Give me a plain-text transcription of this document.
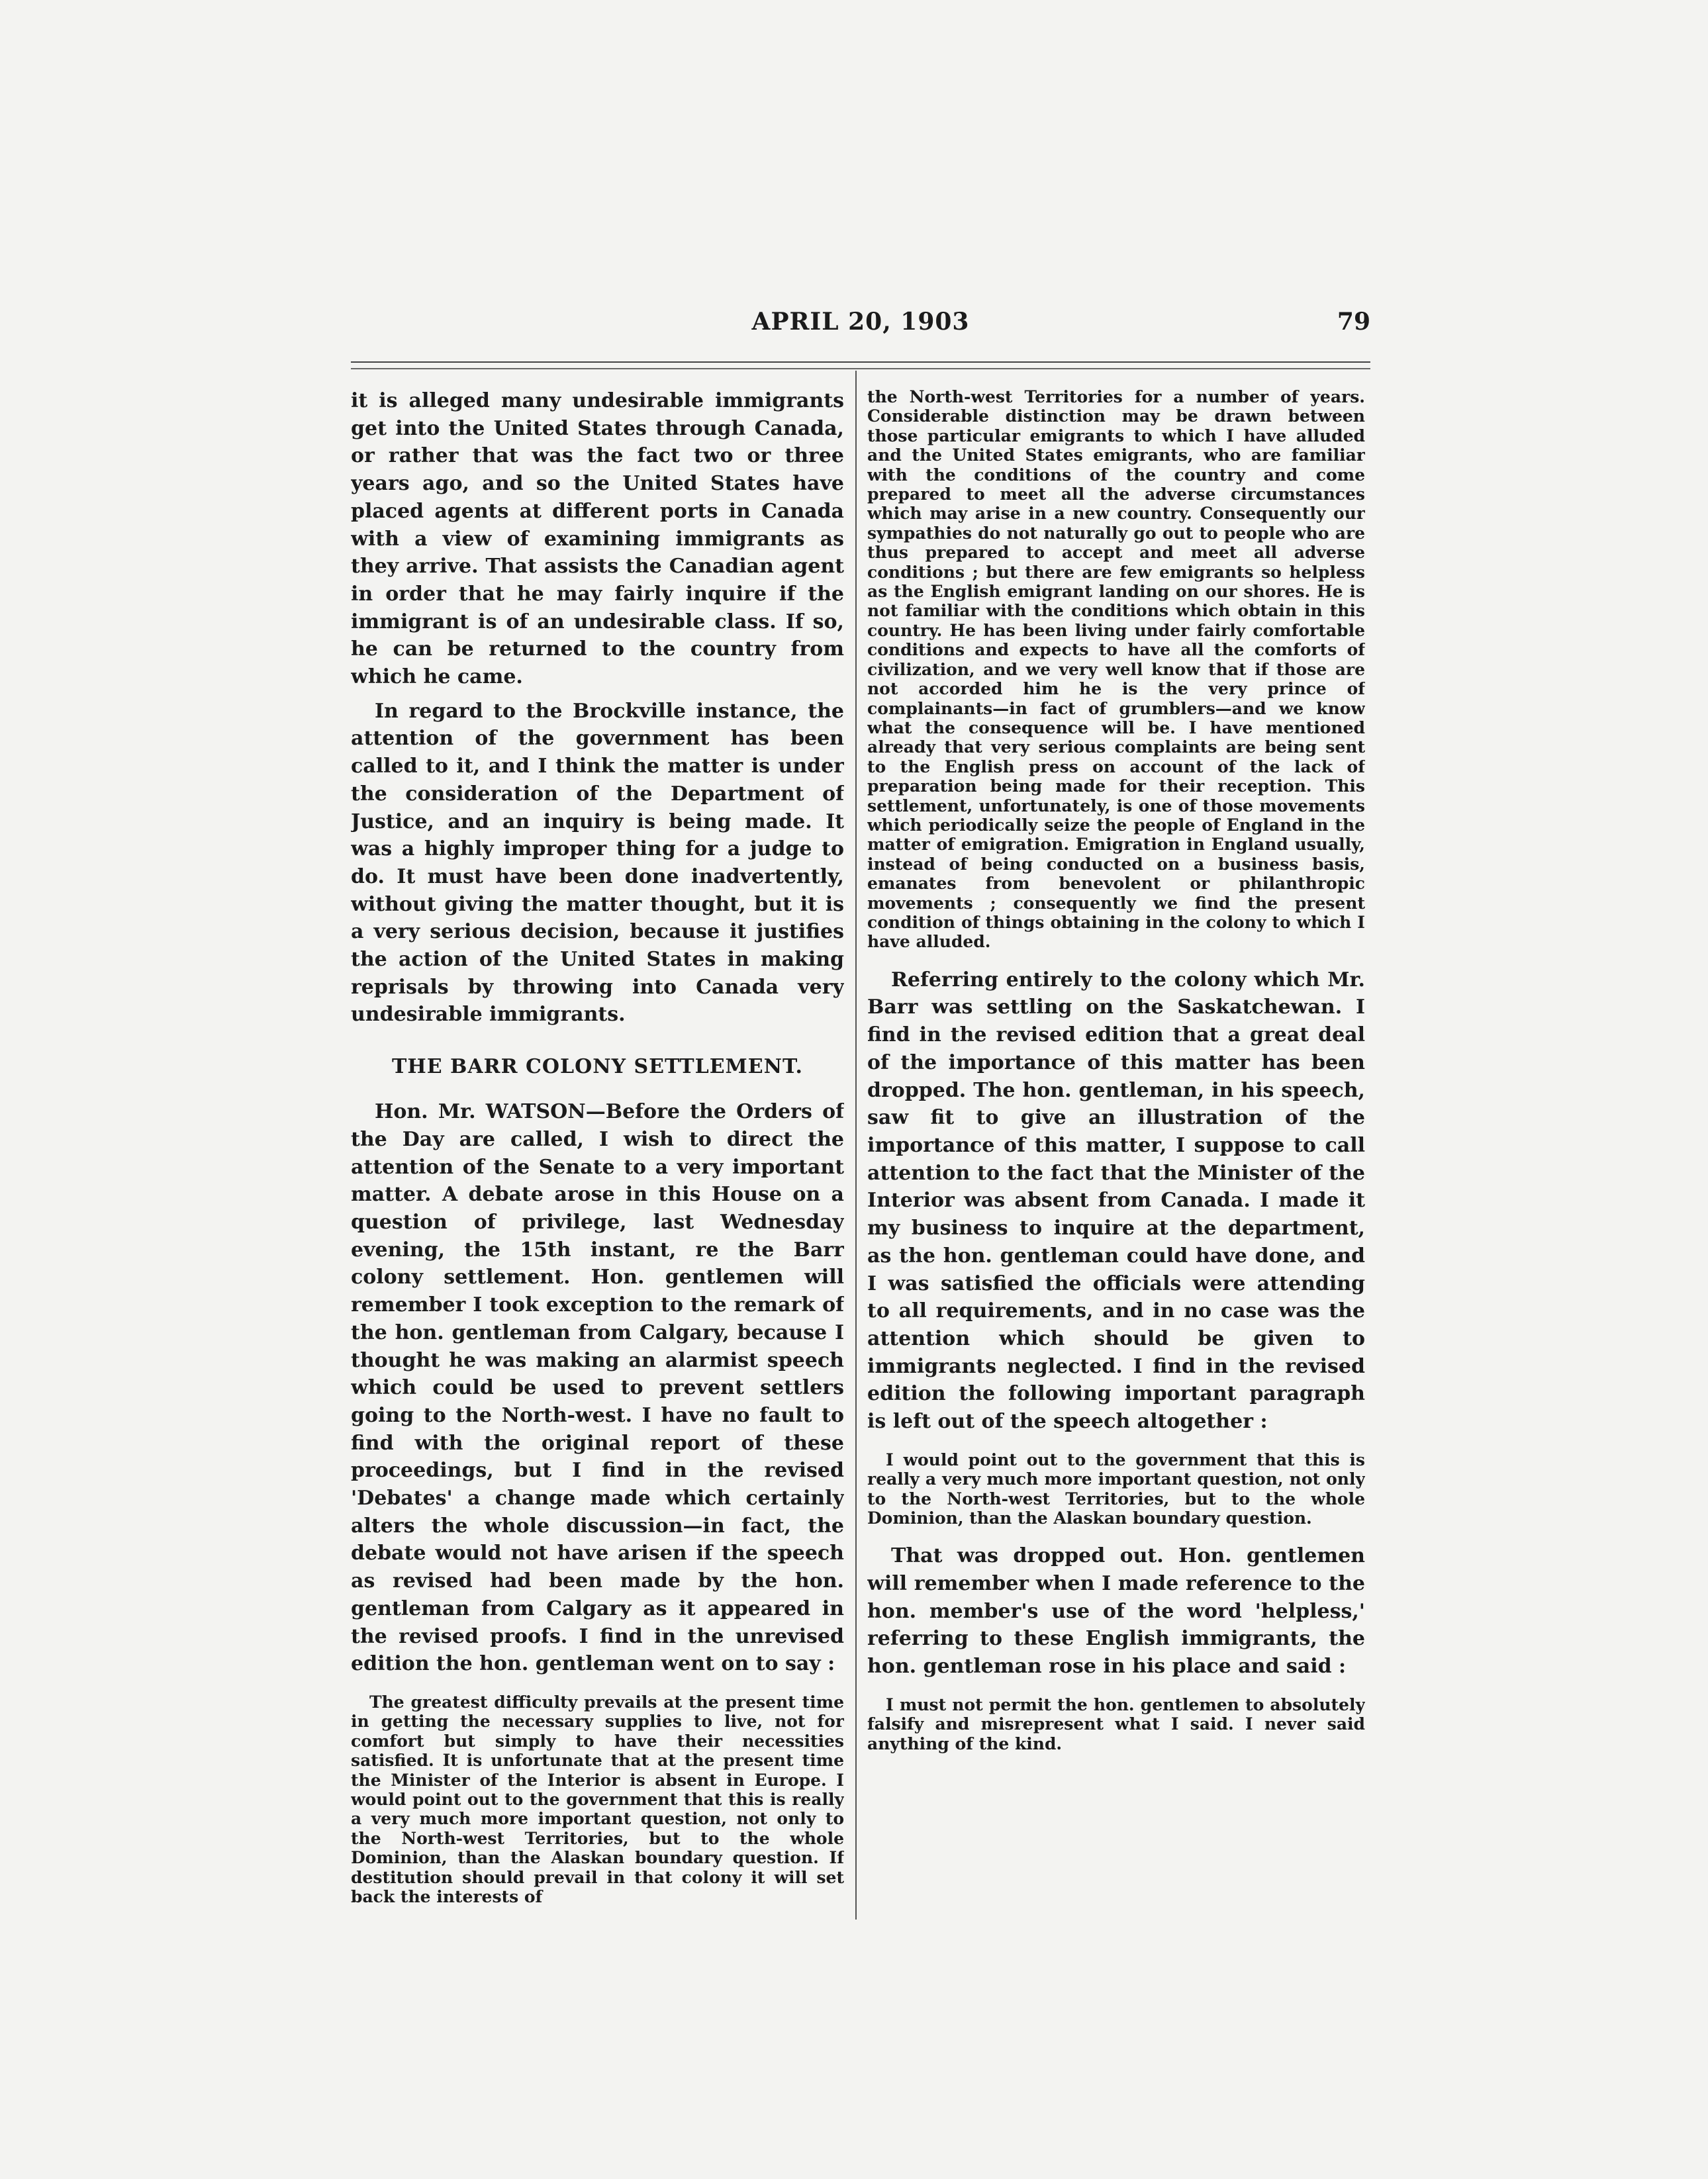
APRIL 20, 1903	79

it is alleged many undesirable immigrants get into the United States through Canada, or rather that was the fact two or three years ago, and so the United States have placed agents at different ports in Canada with a view of examining immigrants as they arrive. That assists the Canadian agent in order that he may fairly inquire if the immigrant is of an undesirable class. If so, he can be returned to the country from which he came.

In regard to the Brockville instance, the attention of the government has been called to it, and I think the matter is under the consideration of the Department of Justice, and an inquiry is being made. It was a highly improper thing for a judge to do. It must have been done inadvertently, without giving the matter thought, but it is a very serious decision, because it justifies the action of the United States in making reprisals by throwing into Canada very undesirable immigrants.

THE BARR COLONY SETTLEMENT.

Hon. Mr. WATSON—Before the Orders of the Day are called, I wish to direct the attention of the Senate to a very important matter. A debate arose in this House on a question of privilege, last Wednesday evening, the 15th instant, re the Barr colony settlement. Hon. gentlemen will remember I took exception to the remark of the hon. gentleman from Calgary, because I thought he was making an alarmist speech which could be used to prevent settlers going to the North-west. I have no fault to find with the original report of these proceedings, but I find in the revised 'Debates' a change made which certainly alters the whole discussion—in fact, the debate would not have arisen if the speech as revised had been made by the hon. gentleman from Calgary as it appeared in the revised proofs. I find in the unrevised edition the hon. gentleman went on to say :

The greatest difficulty prevails at the present time in getting the necessary supplies to live, not for comfort but simply to have their necessities satisfied. It is unfortunate that at the present time the Minister of the Interior is absent in Europe. I would point out to the government that this is really a very much more important question, not only to the North-west Territories, but to the whole Dominion, than the Alaskan boundary question. If destitution should prevail in that colony it will set back the interests of

the North-west Territories for a number of years. Considerable distinction may be drawn between those particular emigrants to which I have alluded and the United States emigrants, who are familiar with the conditions of the country and come prepared to meet all the adverse circumstances which may arise in a new country. Consequently our sympathies do not naturally go out to people who are thus prepared to accept and meet all adverse conditions ; but there are few emigrants so helpless as the English emigrant landing on our shores. He is not familiar with the conditions which obtain in this country. He has been living under fairly comfortable conditions and expects to have all the comforts of civilization, and we very well know that if those are not accorded him he is the very prince of complainants—in fact of grumblers—and we know what the consequence will be. I have mentioned already that very serious complaints are being sent to the English press on account of the lack of preparation being made for their reception. This settlement, unfortunately, is one of those movements which periodically seize the people of England in the matter of emigration. Emigration in England usually, instead of being conducted on a business basis, emanates from benevolent or philanthropic movements ; consequently we find the present condition of things obtaining in the colony to which I have alluded.

Referring entirely to the colony which Mr. Barr was settling on the Saskatchewan. I find in the revised edition that a great deal of the importance of this matter has been dropped. The hon. gentleman, in his speech, saw fit to give an illustration of the importance of this matter, I suppose to call attention to the fact that the Minister of the Interior was absent from Canada. I made it my business to inquire at the department, as the hon. gentleman could have done, and I was satisfied the officials were attending to all requirements, and in no case was the attention which should be given to immigrants neglected. I find in the revised edition the following important paragraph is left out of the speech altogether :

I would point out to the government that this is really a very much more important question, not only to the North-west Territories, but to the whole Dominion, than the Alaskan boundary question.

That was dropped out. Hon. gentlemen will remember when I made reference to the hon. member's use of the word 'helpless,' referring to these English immigrants, the hon. gentleman rose in his place and said :

I must not permit the hon. gentlemen to absolutely falsify and misrepresent what I said. I never said anything of the kind.
